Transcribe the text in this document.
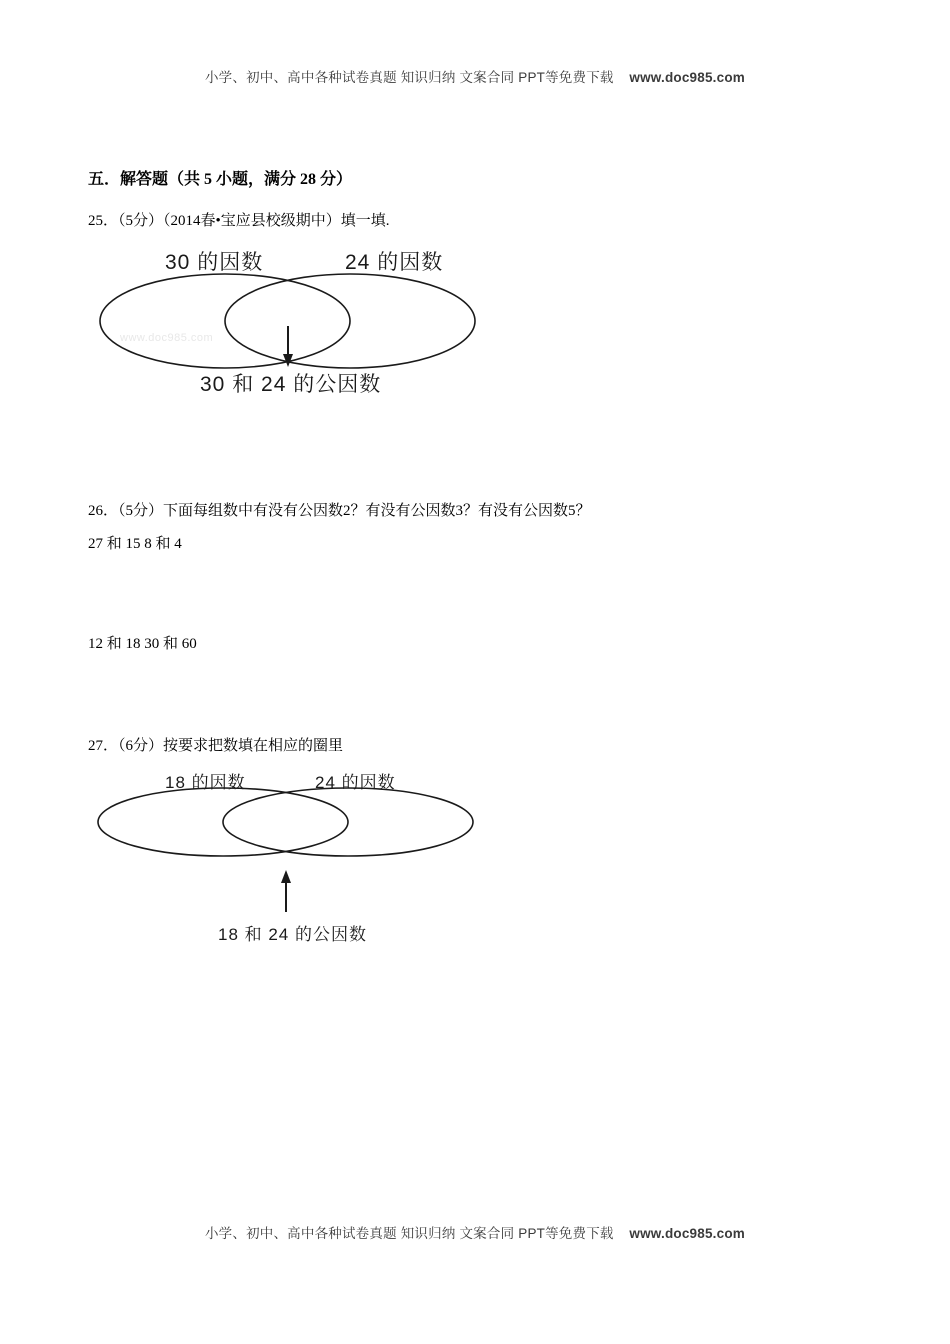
小学、初中、高中各种试卷真题 知识归纳 文案合同 PPT等免费下载 www.doc985.com
五．解答题（共 5 小题，满分 28 分）
25．（5分）（2014春•宝应县校级期中）填一填.
30 的因数	24 的因数
30 和 24 的公因数
www.doc985.com
26．（5分）下面每组数中有没有公因数2？有没有公因数3？有没有公因数5？
27 和 15 8 和 4
12 和 18 30 和 60
27．（6分）按要求把数填在相应的圈里
18 的因数	24 的因数
18 和 24 的公因数
小学、初中、高中各种试卷真题 知识归纳 文案合同 PPT等免费下载 www.doc985.com
